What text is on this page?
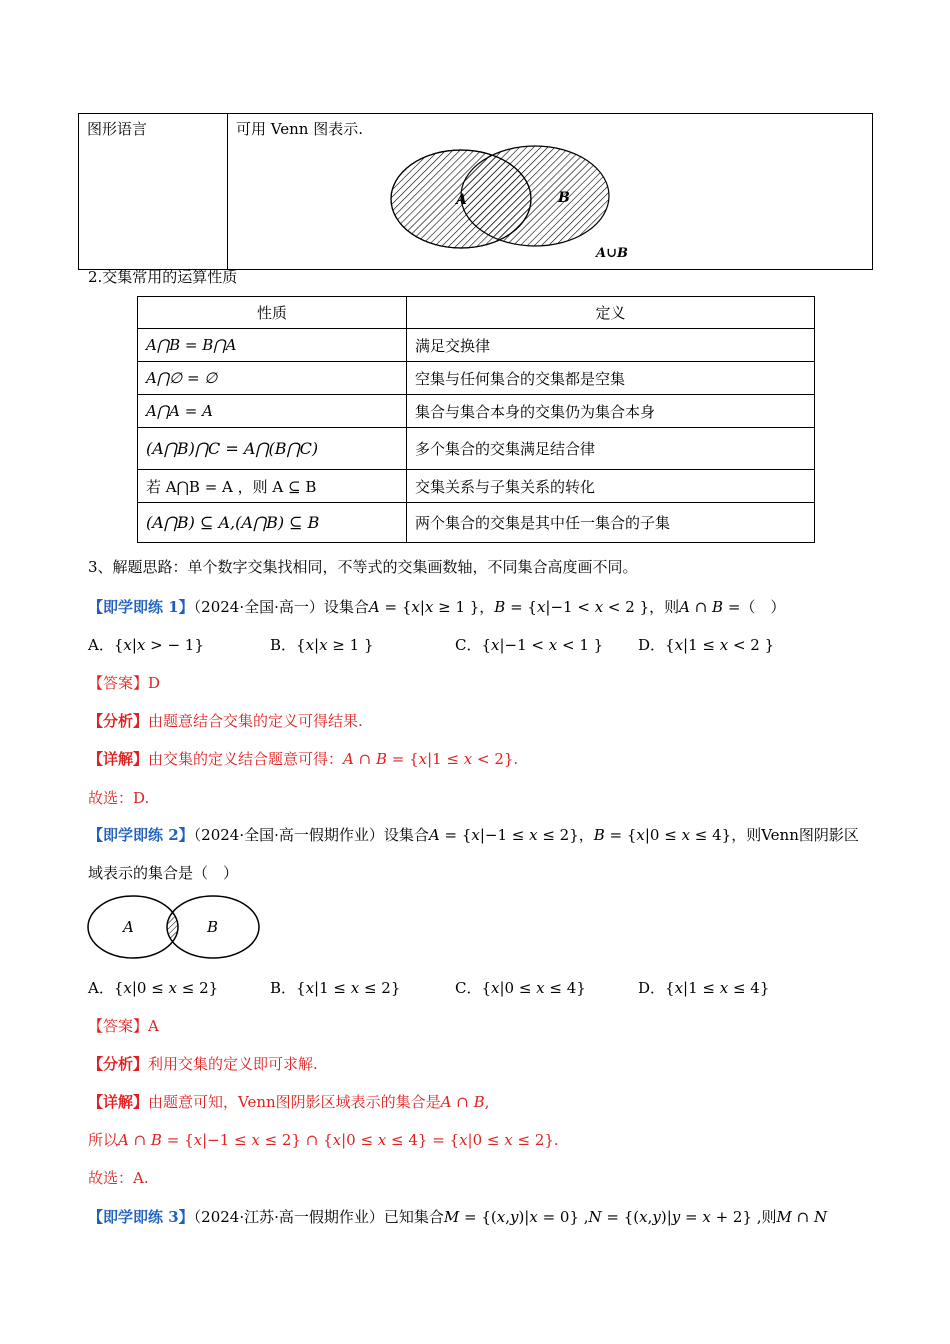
图形语言	可用 Venn 图表示.
A	B
A∪B
2.交集常用的运算性质
性质	定义
A⋂B = B⋂A	满足交换律
A⋂∅ = ∅	空集与任何集合的交集都是空集
A⋂A = A	集合与集合本身的交集仍为集合本身
(A⋂B)⋂C = A⋂(B⋂C)	多个集合的交集满足结合律
若 A⋂B = A ，则 A ⊆ B	交集关系与子集关系的转化
(A⋂B) ⊆ A,(A⋂B) ⊆ B	两个集合的交集是其中任一集合的子集
3、解题思路：单个数字交集找相同，不等式的交集画数轴，不同集合高度画不同。
【即学即练 1】（2024·全国·高一）设集合𝐴 = {𝑥|𝑥 ≥ 1 }，𝐵 = {𝑥|−1 < 𝑥 < 2 }，则𝐴 ∩ 𝐵 =（　）
A．{𝑥|𝑥 > − 1}	B．{𝑥|𝑥 ≥ 1 }	C．{𝑥|−1 < 𝑥 < 1 } D．{𝑥|1 ≤ 𝑥 < 2 }
【答案】D
【分析】由题意结合交集的定义可得结果.
【详解】由交集的定义结合题意可得：𝐴 ∩ 𝐵 = {𝑥|1 ≤ 𝑥 < 2}.
故选：D.
【即学即练 2】（2024·全国·高一假期作业）设集合𝐴 = {𝑥|−1 ≤ 𝑥 ≤ 2}，𝐵 = {𝑥|0 ≤ 𝑥 ≤ 4}，则Venn图阴影区
域表示的集合是（　）
A	B
A．{𝑥|0 ≤ 𝑥 ≤ 2}	B．{𝑥|1 ≤ 𝑥 ≤ 2}	C．{𝑥|0 ≤ 𝑥 ≤ 4}	D．{𝑥|1 ≤ 𝑥 ≤ 4}
【答案】A
【分析】利用交集的定义即可求解.
【详解】由题意可知，Venn图阴影区域表示的集合是𝐴 ∩ 𝐵,
所以𝐴 ∩ 𝐵 = {𝑥|−1 ≤ 𝑥 ≤ 2} ∩ {𝑥|0 ≤ 𝑥 ≤ 4} = {𝑥|0 ≤ 𝑥 ≤ 2}.
故选：A.
【即学即练 3】（2024·江苏·高一假期作业）已知集合𝑀 = {(𝑥,𝑦)|𝑥 = 0} ,𝑁 = {(𝑥,𝑦)|𝑦 = 𝑥 + 2} ,则𝑀 ∩ 𝑁
